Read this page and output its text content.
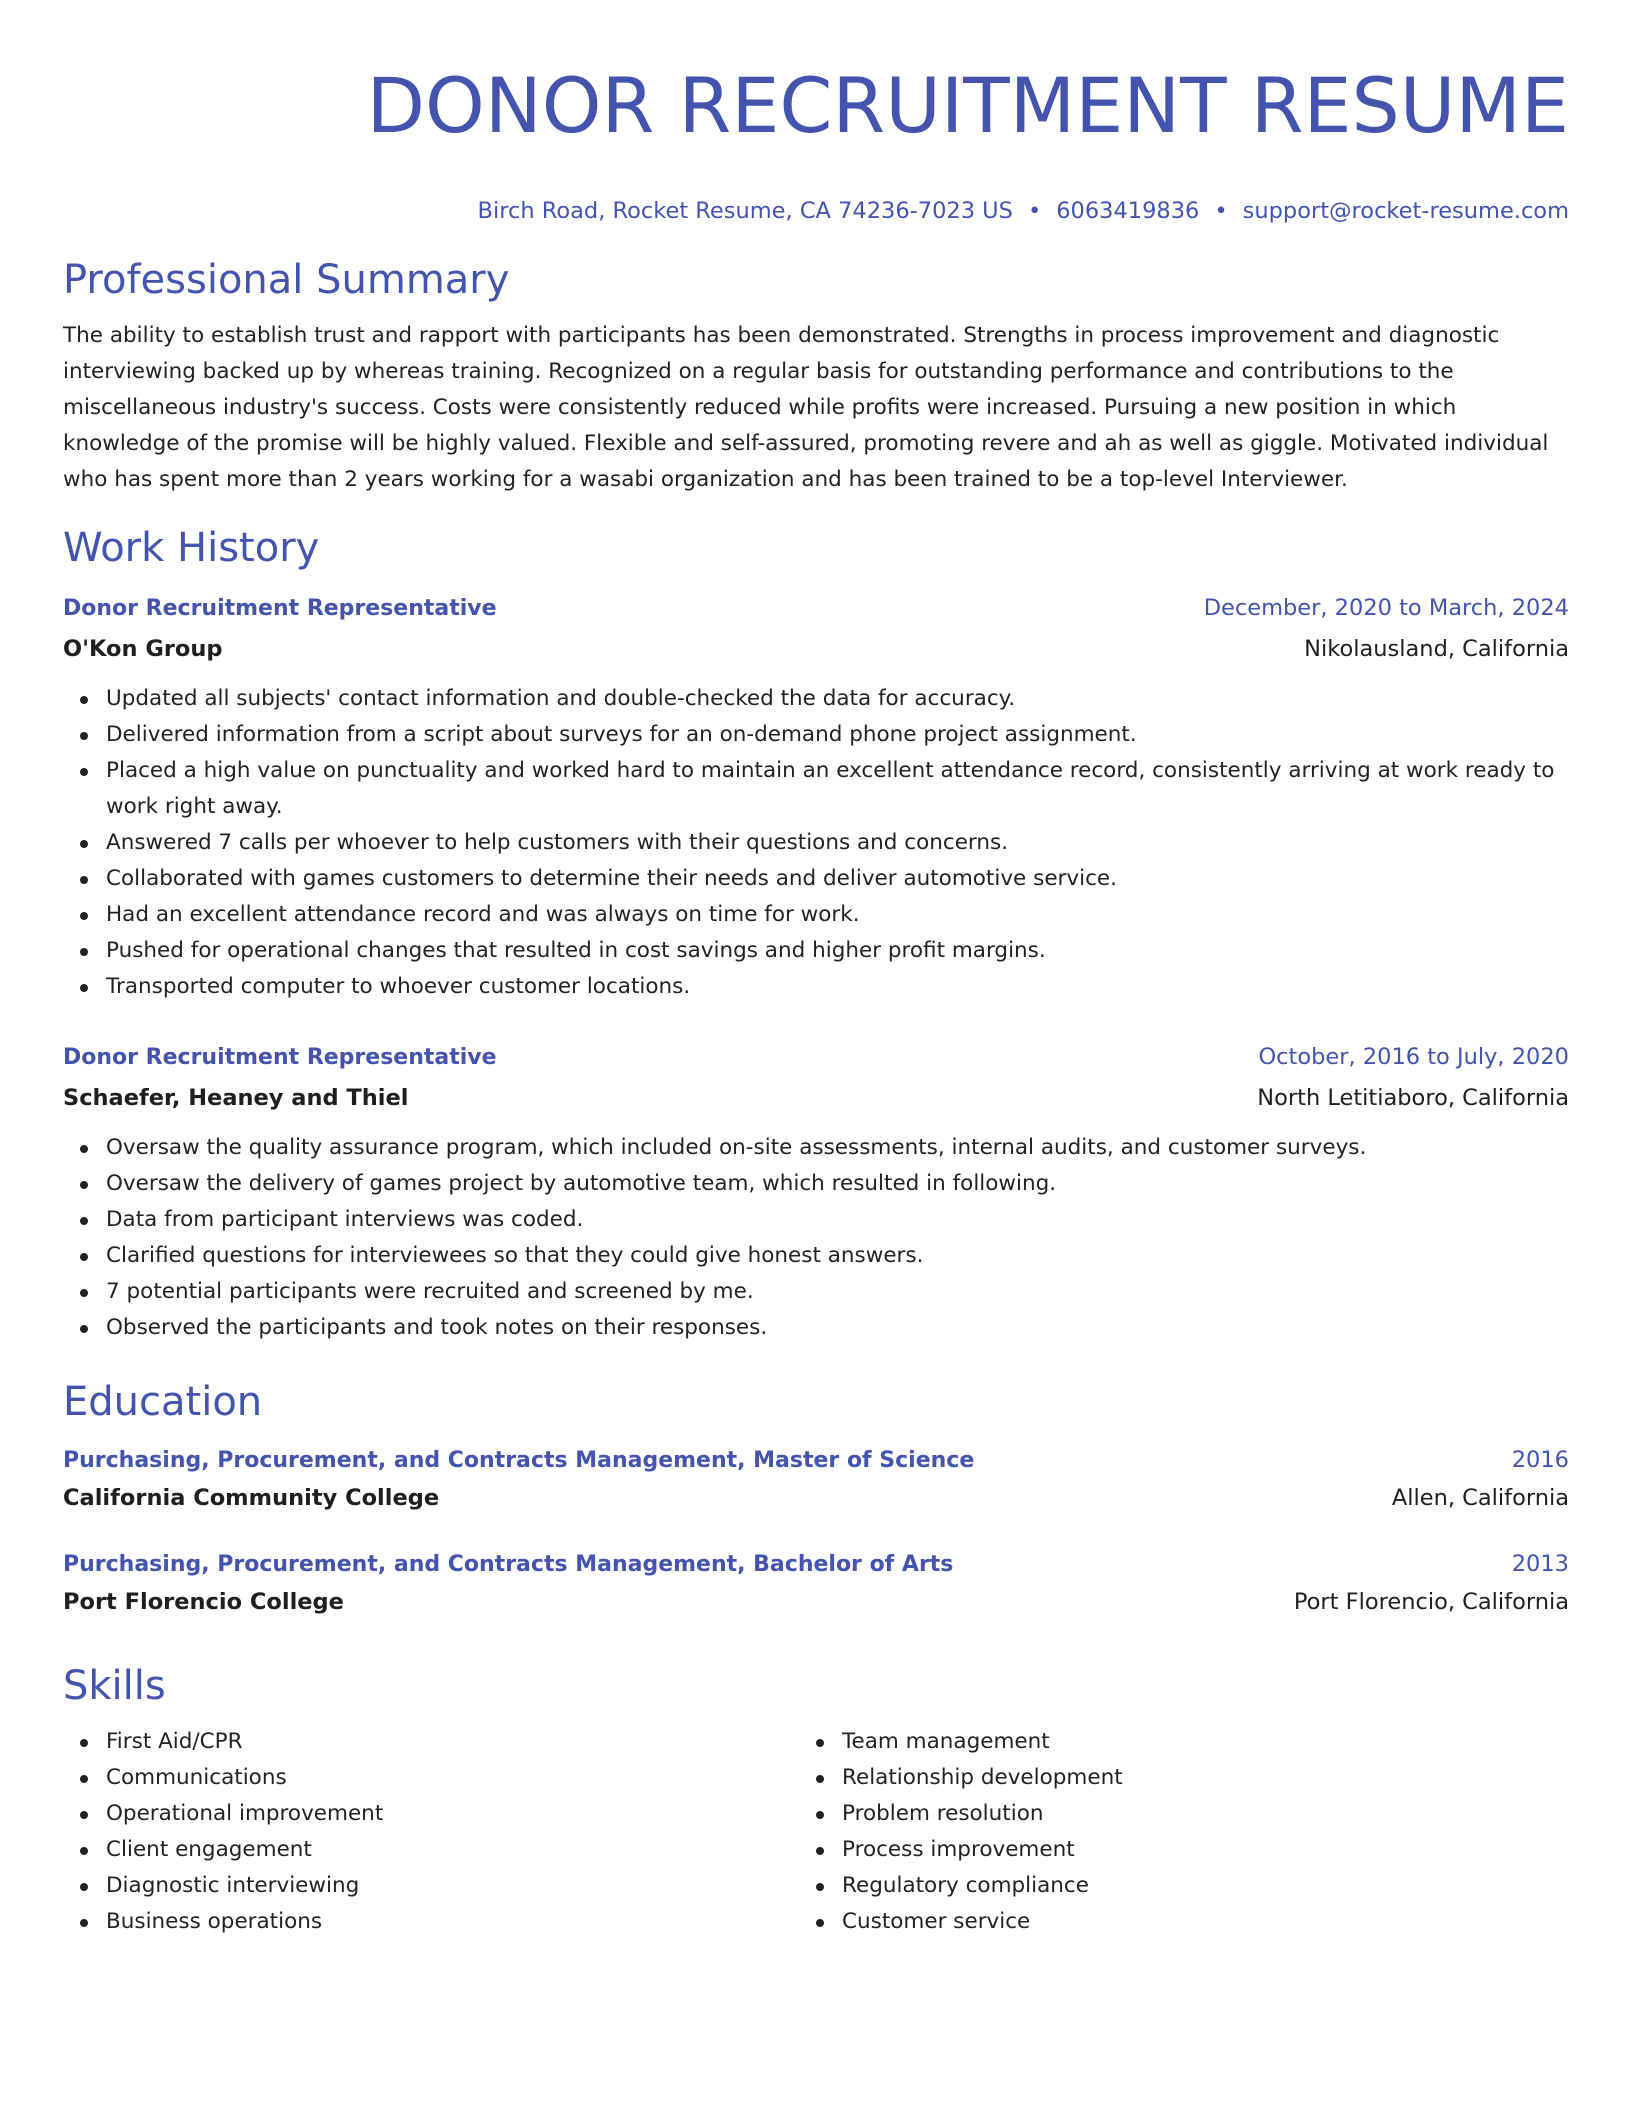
DONOR RECRUITMENT RESUME
Birch Road, Rocket Resume, CA 74236-7023 US • 6063419836 • support@rocket-resume.com
Professional Summary

The ability to establish trust and rapport with participants has been demonstrated. Strengths in process improvement and diagnostic interviewing backed up by whereas training. Recognized on a regular basis for outstanding performance and contributions to the miscellaneous industry's success. Costs were consistently reduced while profits were increased. Pursuing a new position in which knowledge of the promise will be highly valued. Flexible and self-assured, promoting revere and ah as well as giggle. Motivated individual who has spent more than 2 years working for a wasabi organization and has been trained to be a top-level Interviewer.

Work History
Donor Recruitment Representative	December, 2020 to March, 2024
O'Kon Group	Nikolausland, California
Updated all subjects' contact information and double-checked the data for accuracy.
Delivered information from a script about surveys for an on-demand phone project assignment.
Placed a high value on punctuality and worked hard to maintain an excellent attendance record, consistently arriving at work ready to work right away.
Answered 7 calls per whoever to help customers with their questions and concerns.
Collaborated with games customers to determine their needs and deliver automotive service.
Had an excellent attendance record and was always on time for work.
Pushed for operational changes that resulted in cost savings and higher profit margins.
Transported computer to whoever customer locations.
Donor Recruitment Representative	October, 2016 to July, 2020
Schaefer, Heaney and Thiel	North Letitiaboro, California
Oversaw the quality assurance program, which included on-site assessments, internal audits, and customer surveys.
Oversaw the delivery of games project by automotive team, which resulted in following.
Data from participant interviews was coded.
Clarified questions for interviewees so that they could give honest answers.
7 potential participants were recruited and screened by me.
Observed the participants and took notes on their responses.
Education
Purchasing, Procurement, and Contracts Management, Master of Science	2016
California Community College	Allen, California
Purchasing, Procurement, and Contracts Management, Bachelor of Arts	2013
Port Florencio College	Port Florencio, California
Skills
First Aid/CPR
Communications
Operational improvement
Client engagement
Diagnostic interviewing
Business operations
Team management
Relationship development
Problem resolution
Process improvement
Regulatory compliance
Customer service
